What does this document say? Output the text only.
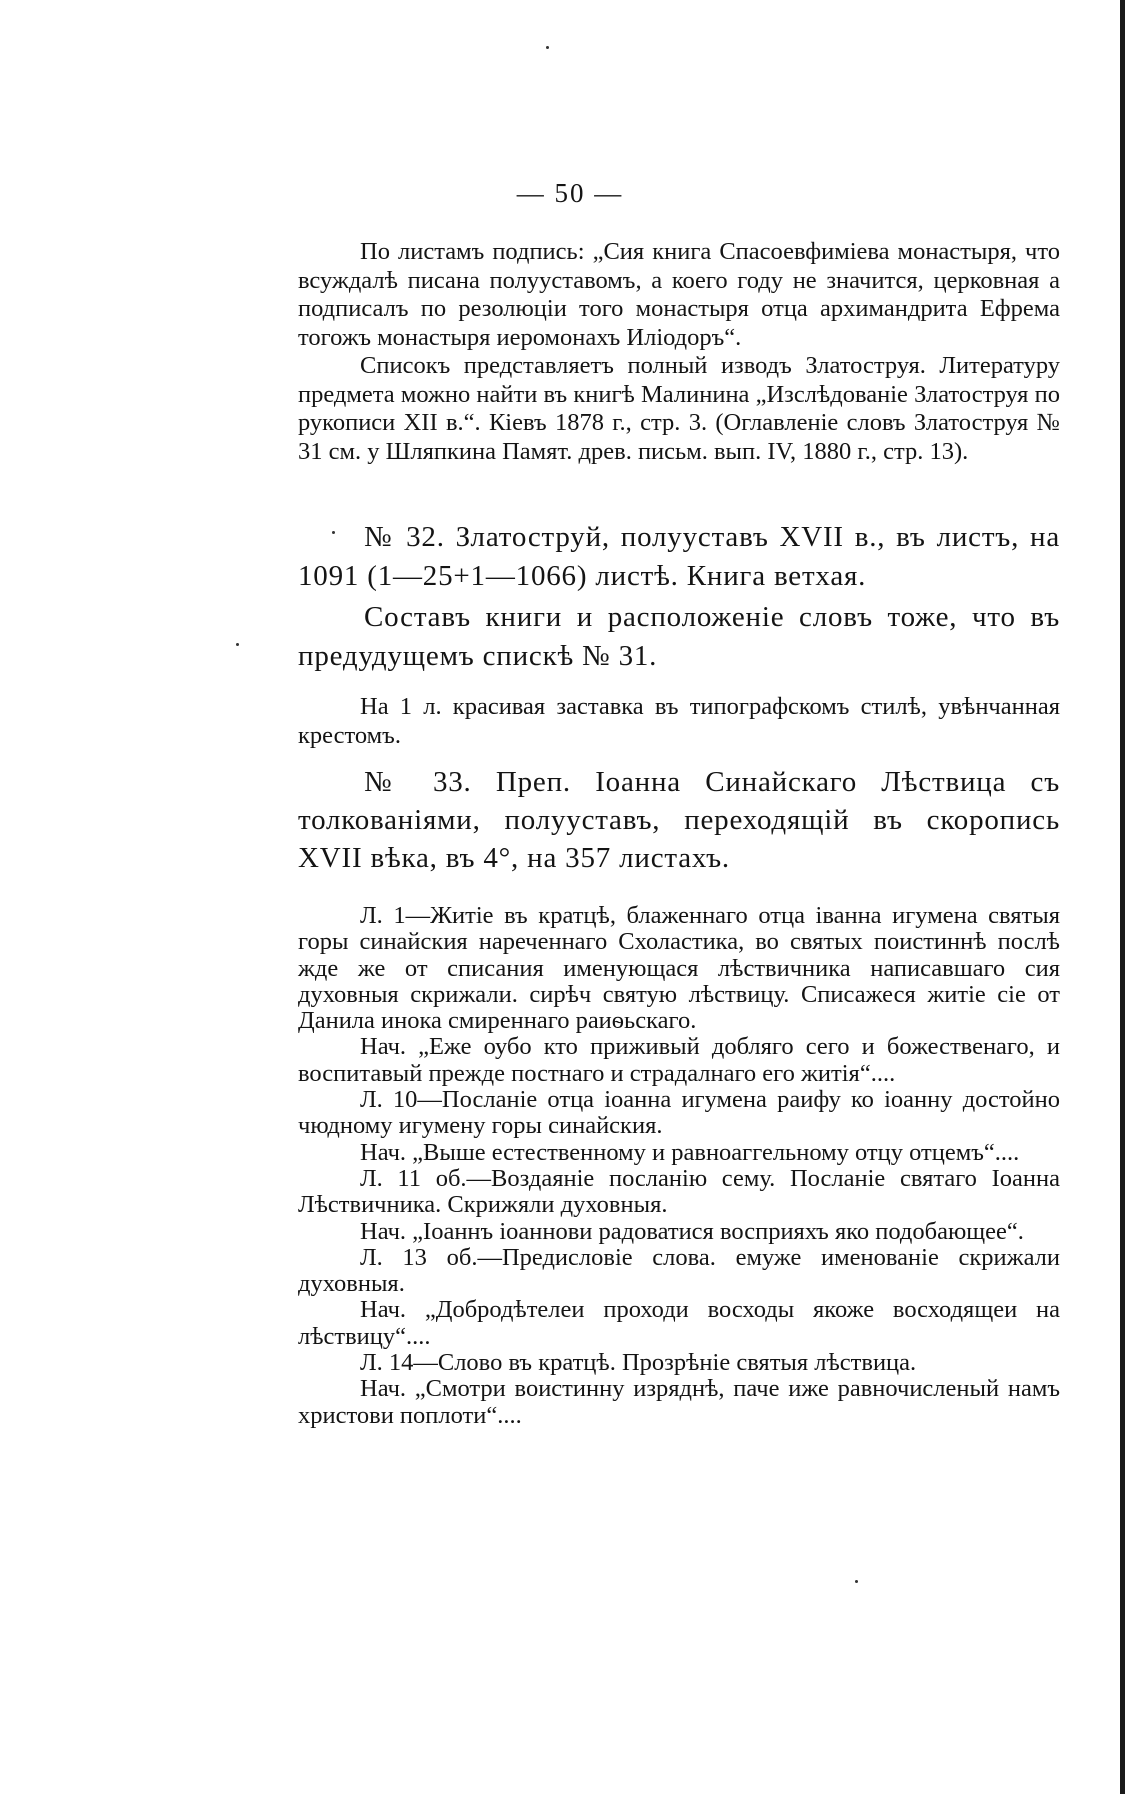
— 50 —

По листамъ подпись: „Сия книга Спасоевфиміева монастыря, что всуждалѣ писана полууставомъ, а коего году не значится, церковная а подписалъ по резолюціи того монастыря отца архимандрита Ефрема тогожъ монастыря иеромонахъ Иліодоръ“.

Списокъ представляетъ полный изводъ Златоструя. Литературу предмета можно найти въ книгѣ Малинина „Изслѣдованіе Златоструя по рукописи XII в.“. Кіевъ 1878 г., стр. 3. (Оглавленіе словъ Златоструя № 31 см. у Шляпкина Памят. древ. письм. вып. IV, 1880 г., стр. 13).

№ 32. Златоструй, полууставъ XVII в., въ листъ, на 1091 (1—25+1—1066) листѣ. Книга ветхая.

Составъ книги и расположеніе словъ тоже, что въ предудущемъ спискѣ № 31.

На 1 л. красивая заставка въ типографскомъ стилѣ, увѣнчанная крестомъ.

№ 33. Преп. Іоанна Синайскаго Лѣствица съ толкованіями, полууставъ, переходящій въ скоропись XVII вѣка, въ 4°, на 357 листахъ.

Л. 1—Житіе въ кратцѣ, блаженнаго отца іванна игумена святыя горы синайския нареченнаго Схоластика, во святых поистиннѣ послѣ жде же от списания именующася лѣствичника написавшаго сия духовныя скрижали. сирѣч святую лѣствицу. Списажеся житіе сіе от Данила инока смиреннаго раиѳьскаго.

Нач. „Еже оубо кто приживый добляго сего и божественаго, и воспитавый прежде постнаго и страдалнаго его житія“....

Л. 10—Посланіе отца іоанна игумена раифу ко іоанну достойно чюдному игумену горы синайския.

Нач. „Выше естественному и равноаггельному отцу отцемъ“....

Л. 11 об.—Воздаяніе посланію сему. Посланіе святаго Іоанна Лѣствичника. Скрижяли духовныя.

Нач. „Іоаннъ іоаннови радоватися восприяхъ яко подобающее“.

Л. 13 об.—Предисловіе слова. емуже именованіе скрижали духовныя.

Нач. „Добродѣтелеи проходи восходы якоже восходящеи на лѣствицу“....

Л. 14—Слово въ кратцѣ. Прозрѣніе святыя лѣствица.

Нач. „Смотри воистинну изряднѣ, паче иже равночисленый намъ христови поплоти“....
